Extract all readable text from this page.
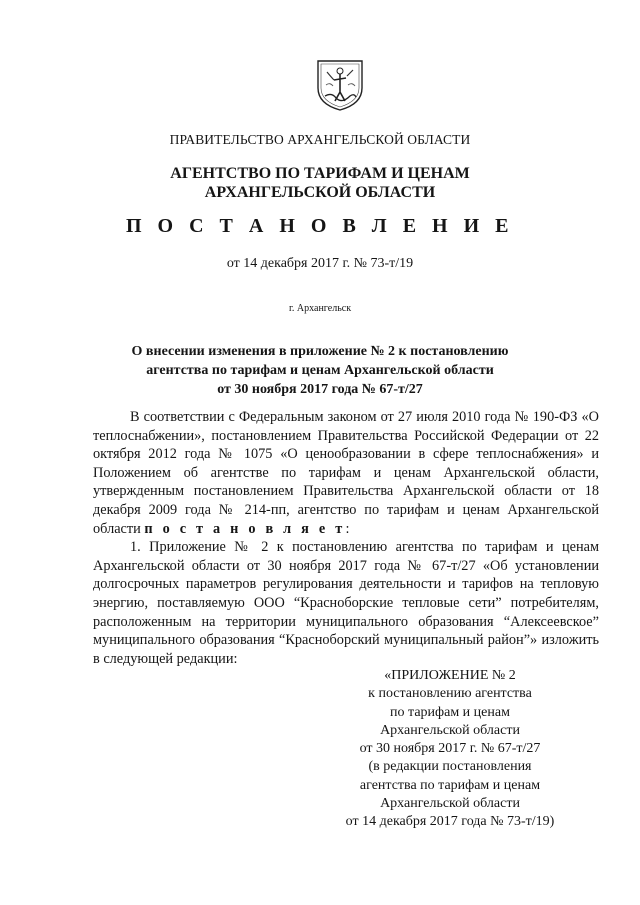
ПРАВИТЕЛЬСТВО АРХАНГЕЛЬСКОЙ ОБЛАСТИ
АГЕНТСТВО ПО ТАРИФАМ И ЦЕНАМ
АРХАНГЕЛЬСКОЙ ОБЛАСТИ
П О С Т А Н О В Л Е Н И Е
от 14 декабря 2017 г. № 73-т/19
г. Архангельск
О внесении изменения в приложение № 2 к постановлению
агентства по тарифам и ценам Архангельской области
от 30 ноября 2017 года № 67-т/27

В соответствии с Федеральным законом от 27 июля 2010 года № 190-ФЗ «О теплоснабжении», постановлением Правительства Российской Федерации от 22 октября 2012 года № 1075 «О ценообразовании в сфере теплоснабжения» и Положением об агентстве по тарифам и ценам Архангельской области, утвержденным постановлением Правительства Архангельской области от 18 декабря 2009 года № 214-пп, агентство по тарифам и ценам Архангельской области п о с т а н о в л я е т:

1. Приложение № 2 к постановлению агентства по тарифам и ценам Архангельской области от 30 ноября 2017 года № 67-т/27 «Об установлении долгосрочных параметров регулирования деятельности и тарифов на тепловую энергию, поставляемую ООО “Красноборские тепловые сети” потребителям, расположенным на территории муниципального образования “Алексеевское” муниципального образования “Красноборский муниципальный район”» изложить в следующей редакции:

«ПРИЛОЖЕНИЕ № 2
к постановлению агентства
по тарифам и ценам
Архангельской области
от 30 ноября 2017 г. № 67-т/27
(в редакции постановления
агентства по тарифам и ценам
Архангельской области
от 14 декабря 2017 года № 73-т/19)
